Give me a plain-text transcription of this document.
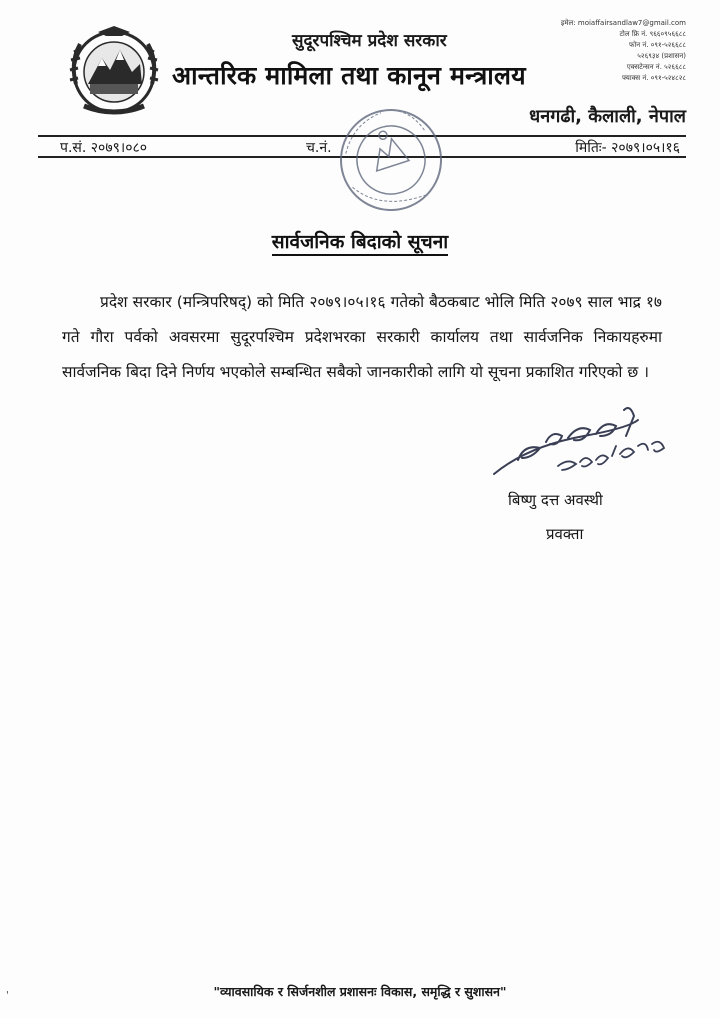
सुदूरपश्चिम प्रदेश सरकार
आन्तरिक मामिला तथा कानून मन्त्रालय
धनगढी, कैलाली, नेपाल
इमेल: moiaffairsandlaw7@gmail.com
टोल फ्रि नं. ९६६०९५६६८८
फोन नं. ०९१-५२६६८८
५२६९३४ (प्रशासन)
एक्सटेन्सन नं. ५२६६८८
फ्याक्स नं. ०९१-५२४८२८
प.सं. २०७९।०८०	च.नं.	मितिः- २०७९।०५।१६
सार्वजनिक बिदाको सूचना
प्रदेश सरकार (मन्त्रिपरिषद्) को मिति २०७९।०५।१६ गतेको बैठकबाट भोलि मिति २०७९ साल भाद्र १७ गते गौरा पर्वको अवसरमा सुदूरपश्चिम प्रदेशभरका सरकारी कार्यालय तथा सार्वजनिक निकायहरुमा सार्वजनिक बिदा दिने निर्णय भएकोले सम्बन्धित सबैको जानकारीको लागि यो सूचना प्रकाशित गरिएको छ ।
बिष्णु दत्त अवस्थी
प्रवक्ता
"व्यावसायिक र सिर्जनशील प्रशासनः विकास, समृद्धि र सुशासन"
'
